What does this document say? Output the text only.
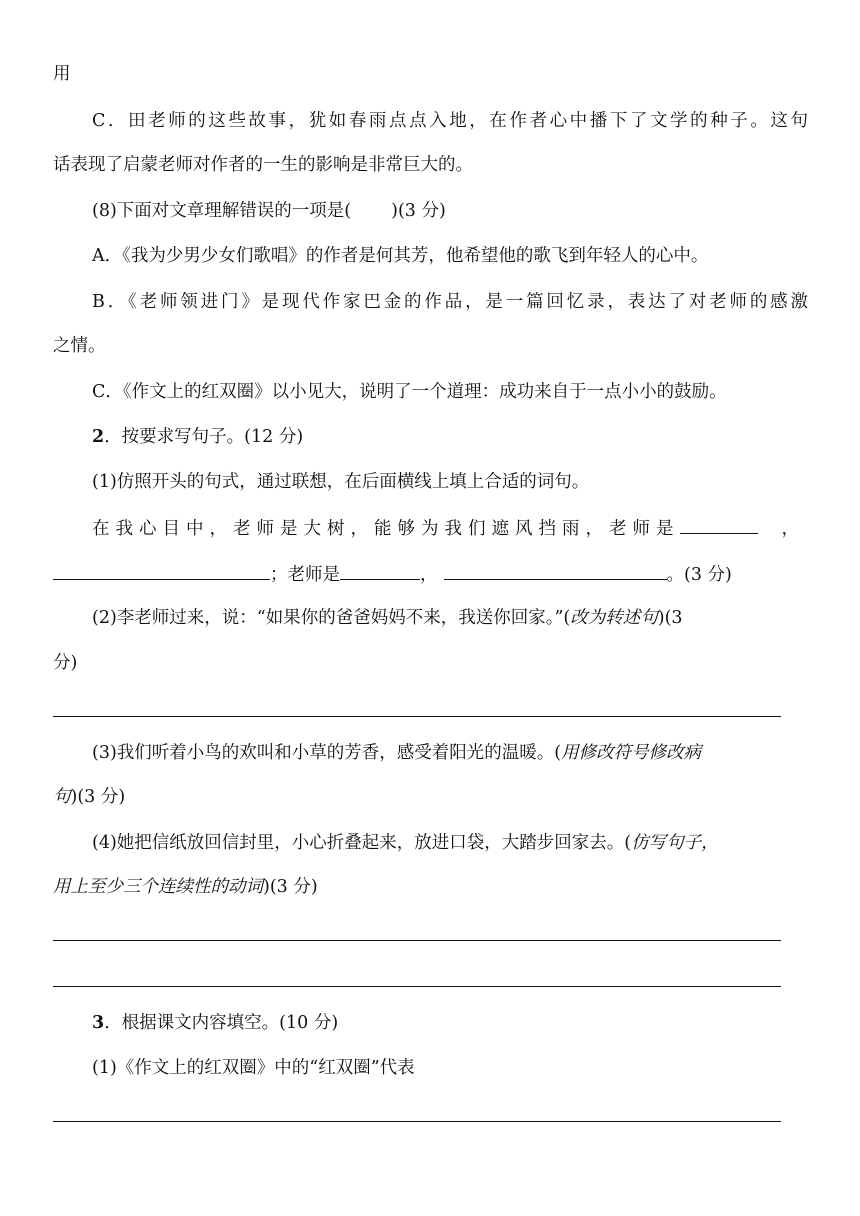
用
C．田老师的这些故事，犹如春雨点点入地，在作者心中播下了文学的种子。这句
话表现了启蒙老师对作者的一生的影响是非常巨大的。
(8)下面对文章理解错误的一项是( )(3 分)
A．《我为少男少女们歌唱》的作者是何其芳，他希望他的歌飞到年轻人的心中。
B．《老师领进门》是现代作家巴金的作品，是一篇回忆录，表达了对老师的感激
之情。
C．《作文上的红双圈》以小见大，说明了一个道理：成功来自于一点小小的鼓励。
2．按要求写句子。(12 分)
(1)仿照开头的句式，通过联想，在后面横线上填上合适的词句。
在我心目中，老师是大树，能够为我们遮风挡雨，老师是	，
；老师是	，	。(3 分)
(2)李老师过来，说：“如果你的爸爸妈妈不来，我送你回家。”(改为转述句)(3
分)
(3)我们听着小鸟的欢叫和小草的芳香，感受着阳光的温暖。(用修改符号修改病
句)(3 分)
(4)她把信纸放回信封里，小心折叠起来，放进口袋，大踏步回家去。(仿写句子，
用上至少三个连续性的动词)(3 分)
3．根据课文内容填空。(10 分)
(1)《作文上的红双圈》中的“红双圈”代表
